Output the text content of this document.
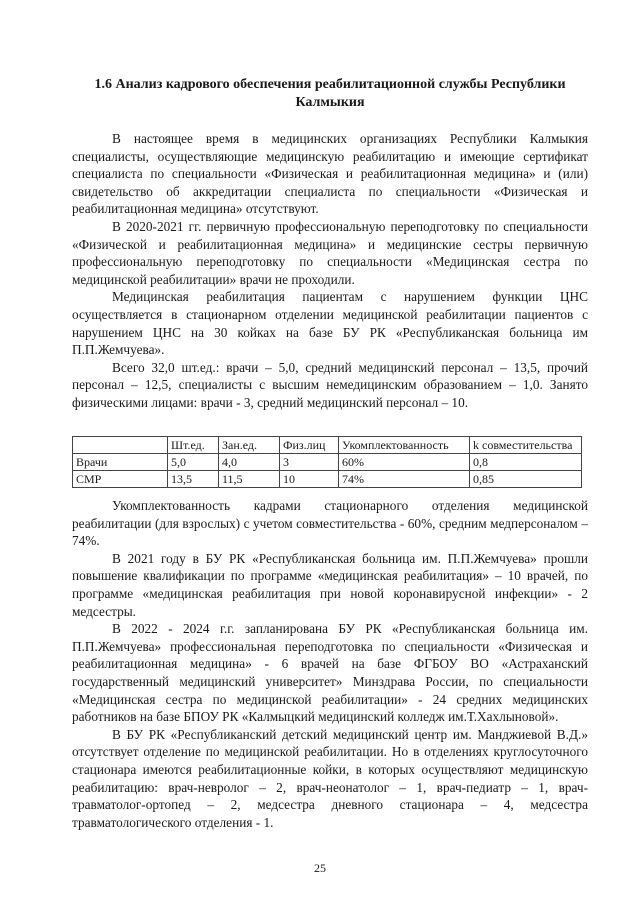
1.6 Анализ кадрового обеспечения реабилитационной службы Республики Калмыкия

В настоящее время в медицинских организациях Республики Калмыкия специалисты, осуществляющие медицинскую реабилитацию и имеющие сертификат специалиста по специальности «Физическая и реабилитационная медицина» и (или) свидетельство об аккредитации специалиста по специальности «Физическая и реабилитационная медицина» отсутствуют.

В 2020-2021 гг. первичную профессиональную переподготовку по специальности «Физической и реабилитационная медицина» и медицинские сестры первичную профессиональную переподготовку по специальности «Медицинская сестра по медицинской реабилитации» врачи не проходили.

Медицинская реабилитация пациентам с нарушением функции ЦНС осуществляется в стационарном отделении медицинской реабилитации пациентов с нарушением ЦНС на 30 койках на базе БУ РК «Республиканская больница им П.П.Жемчуева».

Всего 32,0 шт.ед.: врачи – 5,0, средний медицинский персонал – 13,5, прочий персонал – 12,5, специалисты с высшим немедицинским образованием – 1,0. Занято физическими лицами: врачи - 3, средний медицинский персонал – 10.

	Шт.ед.	Зан.ед.	Физ.лиц	Укомплектованность	k совместительства
Врачи	5,0	4,0	3	60%	0,8
СМР	13,5	11,5	10	74%	0,85

Укомплектованность кадрами стационарного отделения медицинской реабилитации (для взрослых) с учетом совместительства - 60%, средним медперсоналом – 74%.

В 2021 году в БУ РК «Республиканская больница им. П.П.Жемчуева» прошли повышение квалификации по программе «медицинская реабилитация» – 10 врачей, по программе «медицинская реабилитация при новой коронавирусной инфекции» - 2 медсестры.

В 2022 - 2024 г.г. запланирована БУ РК «Республиканская больница им. П.П.Жемчуева» профессиональная переподготовка по специальности «Физическая и реабилитационная медицина» - 6 врачей на базе ФГБОУ ВО «Астраханский государственный медицинский университет» Минздрава России, по специальности «Медицинская сестра по медицинской реабилитации» - 24 средних медицинских работников на базе БПОУ РК «Калмыцкий медицинский колледж им.Т.Хахлыновой».

В БУ РК «Республиканский детский медицинский центр им. Манджиевой В.Д.» отсутствует отделение по медицинской реабилитации. Но в отделениях круглосуточного стационара имеются реабилитационные койки, в которых осуществляют медицинскую реабилитацию: врач-невролог – 2, врач-неонатолог – 1, врач-педиатр – 1, врач-травматолог-ортопед – 2, медсестра дневного стационара – 4, медсестра травматологического отделения - 1.

25
